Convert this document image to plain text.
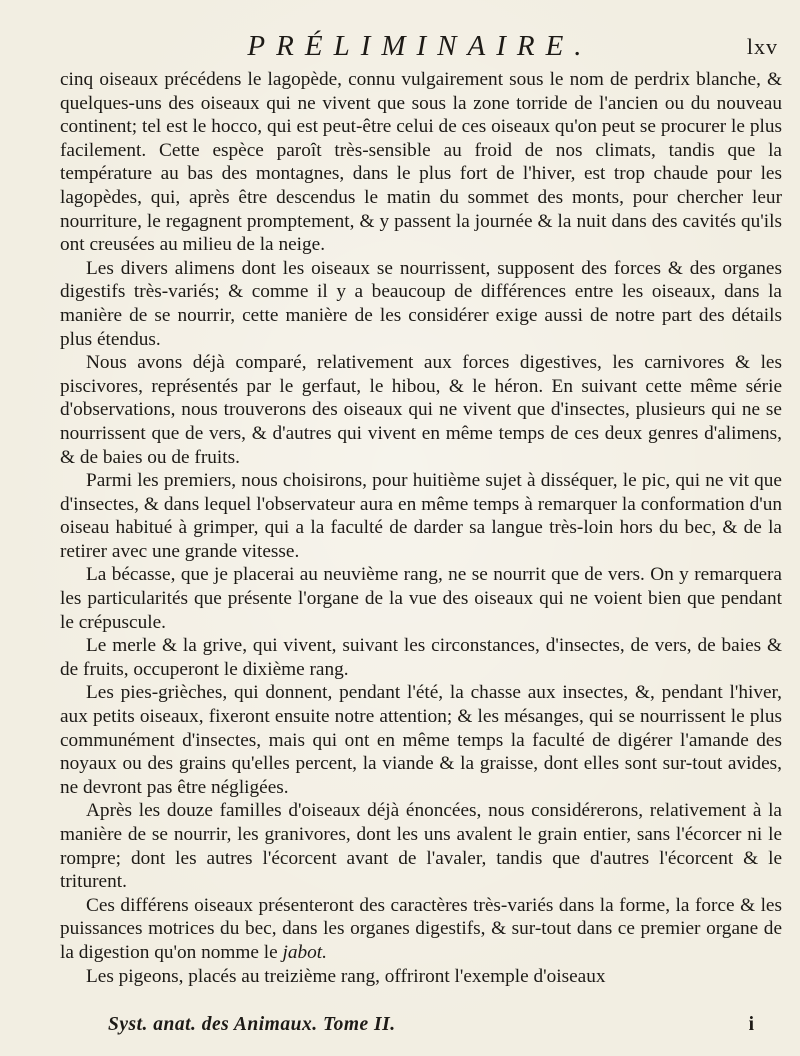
PRÉLIMINAIRE.	lxv

cinq oiseaux précédens le lagopède, connu vulgairement sous le nom de perdrix blanche, & quelques-uns des oiseaux qui ne vivent que sous la zone torride de l'ancien ou du nouveau continent; tel est le hocco, qui est peut-être celui de ces oiseaux qu'on peut se procurer le plus facilement. Cette espèce paroît très-sensible au froid de nos climats, tandis que la température au bas des montagnes, dans le plus fort de l'hiver, est trop chaude pour les lagopèdes, qui, après être descendus le matin du sommet des monts, pour chercher leur nourriture, le regagnent promptement, & y passent la journée & la nuit dans des cavités qu'ils ont creusées au milieu de la neige.

Les divers alimens dont les oiseaux se nourrissent, supposent des forces & des organes digestifs très-variés; & comme il y a beaucoup de différences entre les oiseaux, dans la manière de se nourrir, cette manière de les considérer exige aussi de notre part des détails plus étendus.

Nous avons déjà comparé, relativement aux forces digestives, les carnivores & les piscivores, représentés par le gerfaut, le hibou, & le héron. En suivant cette même série d'observations, nous trouverons des oiseaux qui ne vivent que d'insectes, plusieurs qui ne se nourrissent que de vers, & d'autres qui vivent en même temps de ces deux genres d'alimens, & de baies ou de fruits.

Parmi les premiers, nous choisirons, pour huitième sujet à disséquer, le pic, qui ne vit que d'insectes, & dans lequel l'observateur aura en même temps à remarquer la conformation d'un oiseau habitué à grimper, qui a la faculté de darder sa langue très-loin hors du bec, & de la retirer avec une grande vitesse.

La bécasse, que je placerai au neuvième rang, ne se nourrit que de vers. On y remarquera les particularités que présente l'organe de la vue des oiseaux qui ne voient bien que pendant le crépuscule.

Le merle & la grive, qui vivent, suivant les circonstances, d'insectes, de vers, de baies & de fruits, occuperont le dixième rang.

Les pies-grièches, qui donnent, pendant l'été, la chasse aux insectes, &, pendant l'hiver, aux petits oiseaux, fixeront ensuite notre attention; & les mésanges, qui se nourrissent le plus communément d'insectes, mais qui ont en même temps la faculté de digérer l'amande des noyaux ou des grains qu'elles percent, la viande & la graisse, dont elles sont sur-tout avides, ne devront pas être négligées.

Après les douze familles d'oiseaux déjà énoncées, nous considérerons, relativement à la manière de se nourrir, les granivores, dont les uns avalent le grain entier, sans l'écorcer ni le rompre; dont les autres l'écorcent avant de l'avaler, tandis que d'autres l'écorcent & le triturent.

Ces différens oiseaux présenteront des caractères très-variés dans la forme, la force & les puissances motrices du bec, dans les organes digestifs, & sur-tout dans ce premier organe de la digestion qu'on nomme le jabot.

Les pigeons, placés au treizième rang, offriront l'exemple d'oiseaux

Syst. anat. des Animaux. Tome II.	i
